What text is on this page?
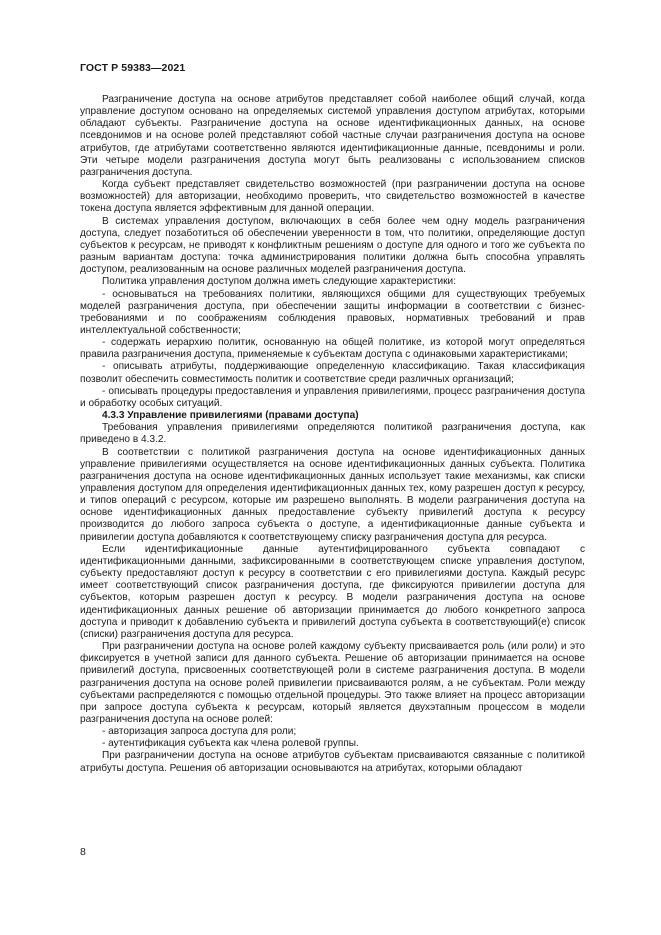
ГОСТ Р 59383—2021

Разграничение доступа на основе атрибутов представляет собой наиболее общий случай, когда управление доступом основано на определяемых системой управления доступом атрибутах, которыми обладают субъекты. Разграничение доступа на основе идентификационных данных, на основе псевдонимов и на основе ролей представляют собой частные случаи разграничения доступа на основе атрибутов, где атрибутами соответственно являются идентификационные данные, псевдонимы и роли. Эти четыре модели разграничения доступа могут быть реализованы с использованием списков разграничения доступа.

Когда субъект представляет свидетельство возможностей (при разграничении доступа на основе возможностей) для авторизации, необходимо проверить, что свидетельство возможностей в качестве токена доступа является эффективным для данной операции.

В системах управления доступом, включающих в себя более чем одну модель разграничения доступа, следует позаботиться об обеспечении уверенности в том, что политики, определяющие доступ субъектов к ресурсам, не приводят к конфликтным решениям о доступе для одного и того же субъекта по разным вариантам доступа: точка администрирования политики должна быть способна управлять доступом, реализованным на основе различных моделей разграничения доступа.

Политика управления доступом должна иметь следующие характеристики:

- основываться на требованиях политики, являющихся общими для существующих требуемых моделей разграничения доступа, при обеспечении защиты информации в соответствии с бизнес-требованиями и по соображениям соблюдения правовых, нормативных требований и прав интеллектуальной собственности;

- содержать иерархию политик, основанную на общей политике, из которой могут определяться правила разграничения доступа, применяемые к субъектам доступа с одинаковыми характеристиками;

- описывать атрибуты, поддерживающие определенную классификацию. Такая классификация позволит обеспечить совместимость политик и соответствие среди различных организаций;

- описывать процедуры предоставления и управления привилегиями, процесс разграничения доступа и обработку особых ситуаций.

4.3.3 Управление привилегиями (правами доступа)

Требования управления привилегиями определяются политикой разграничения доступа, как приведено в 4.3.2.

В соответствии с политикой разграничения доступа на основе идентификационных данных управление привилегиями осуществляется на основе идентификационных данных субъекта. Политика разграничения доступа на основе идентификационных данных использует такие механизмы, как списки управления доступом для определения идентификационных данных тех, кому разрешен доступ к ресурсу, и типов операций с ресурсом, которые им разрешено выполнять. В модели разграничения доступа на основе идентификационных данных предоставление субъекту привилегий доступа к ресурсу производится до любого запроса субъекта о доступе, а идентификационные данные субъекта и привилегии доступа добавляются к соответствующему списку разграничения доступа для ресурса.

Если идентификационные данные аутентифицированного субъекта совпадают с идентификационными данными, зафиксированными в соответствующем списке управления доступом, субъекту предоставляют доступ к ресурсу в соответствии с его привилегиями доступа. Каждый ресурс имеет соответствующий список разграничения доступа, где фиксируются привилегии доступа для субъектов, которым разрешен доступ к ресурсу. В модели разграничения доступа на основе идентификационных данных решение об авторизации принимается до любого конкретного запроса доступа и приводит к добавлению субъекта и привилегий доступа субъекта в соответствующий(е) список (списки) разграничения доступа для ресурса.

При разграничении доступа на основе ролей каждому субъекту присваивается роль (или роли) и это фиксируется в учетной записи для данного субъекта. Решение об авторизации принимается на основе привилегий доступа, присвоенных соответствующей роли в системе разграничения доступа. В модели разграничения доступа на основе ролей привилегии присваиваются ролям, а не субъектам. Роли между субъектами распределяются с помощью отдельной процедуры. Это также влияет на процесс авторизации при запросе доступа субъекта к ресурсам, который является двухэтапным процессом в модели разграничения доступа на основе ролей:

- авторизация запроса доступа для роли;

- аутентификация субъекта как члена ролевой группы.

При разграничении доступа на основе атрибутов субъектам присваиваются связанные с политикой атрибуты доступа. Решения об авторизации основываются на атрибутах, которыми обладают

8
